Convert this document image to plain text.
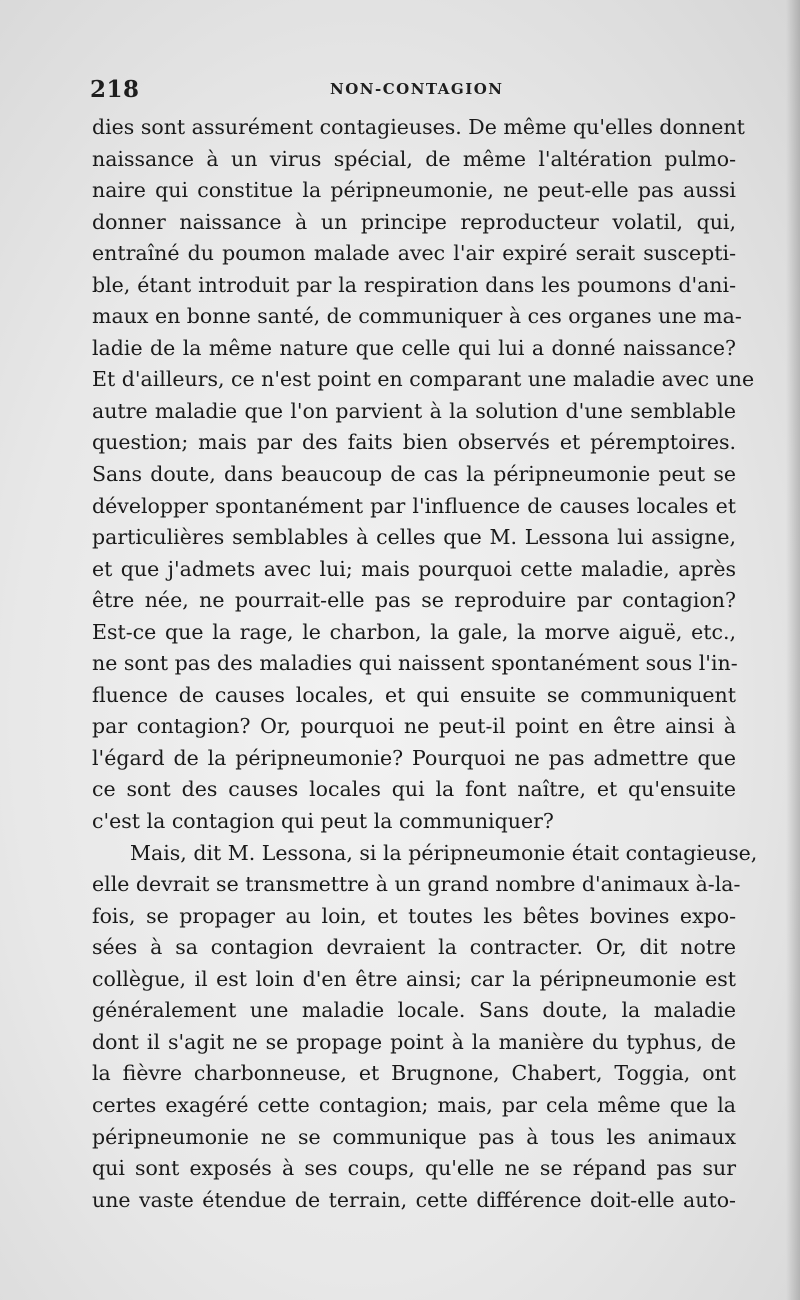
218	NON-CONTAGION
dies sont assurément contagieuses. De même qu'elles donnent
naissance à un virus spécial, de même l'altération pulmo-
naire qui constitue la péripneumonie, ne peut-elle pas aussi
donner naissance à un principe reproducteur volatil, qui,
entraîné du poumon malade avec l'air expiré serait suscepti-
ble, étant introduit par la respiration dans les poumons d'ani-
maux en bonne santé, de communiquer à ces organes une ma-
ladie de la même nature que celle qui lui a donné naissance?
Et d'ailleurs, ce n'est point en comparant une maladie avec une
autre maladie que l'on parvient à la solution d'une semblable
question; mais par des faits bien observés et péremptoires.
Sans doute, dans beaucoup de cas la péripneumonie peut se
développer spontanément par l'influence de causes locales et
particulières semblables à celles que M. Lessona lui assigne,
et que j'admets avec lui; mais pourquoi cette maladie, après
être née, ne pourrait-elle pas se reproduire par contagion?
Est-ce que la rage, le charbon, la gale, la morve aiguë, etc.,
ne sont pas des maladies qui naissent spontanément sous l'in-
fluence de causes locales, et qui ensuite se communiquent
par contagion? Or, pourquoi ne peut-il point en être ainsi à
l'égard de la péripneumonie? Pourquoi ne pas admettre que
ce sont des causes locales qui la font naître, et qu'ensuite
c'est la contagion qui peut la communiquer?
Mais, dit M. Lessona, si la péripneumonie était contagieuse,
elle devrait se transmettre à un grand nombre d'animaux à-la-
fois, se propager au loin, et toutes les bêtes bovines expo-
sées à sa contagion devraient la contracter. Or, dit notre
collègue, il est loin d'en être ainsi; car la péripneumonie est
généralement une maladie locale. Sans doute, la maladie
dont il s'agit ne se propage point à la manière du typhus, de
la fièvre charbonneuse, et Brugnone, Chabert, Toggia, ont
certes exagéré cette contagion; mais, par cela même que la
péripneumonie ne se communique pas à tous les animaux
qui sont exposés à ses coups, qu'elle ne se répand pas sur
une vaste étendue de terrain, cette différence doit-elle auto-
